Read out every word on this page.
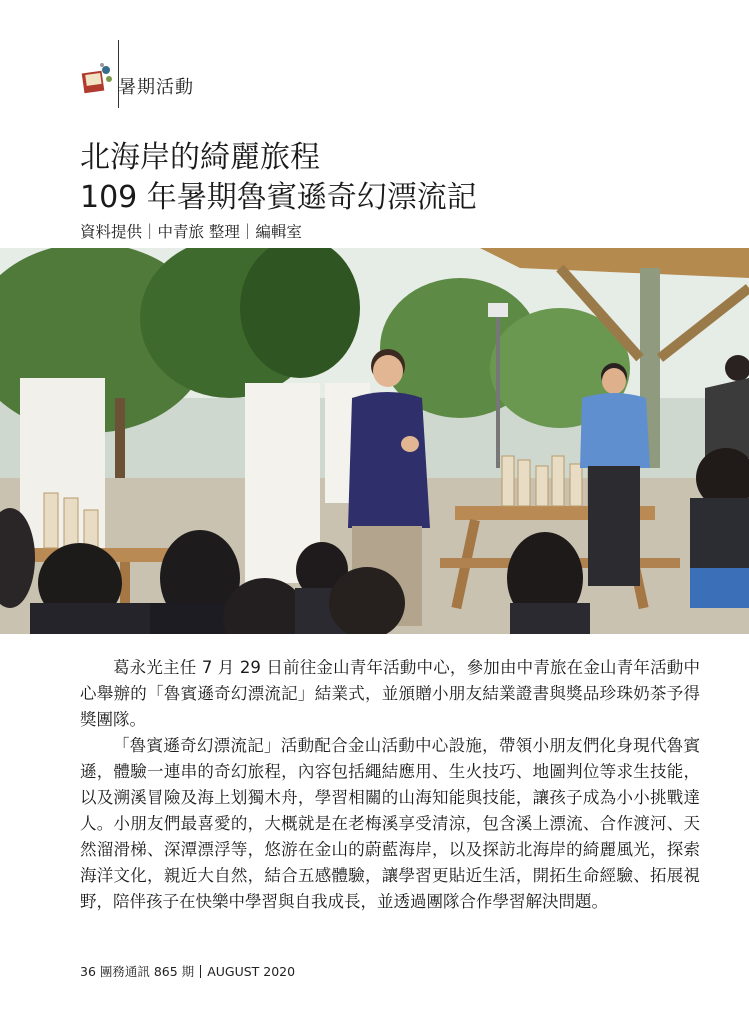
暑期活動
北海岸的綺麗旅程
109 年暑期魯賓遜奇幻漂流記
資料提供｜中青旅 整理｜編輯室

葛永光主任 7 月 29 日前往金山青年活動中心，參加由中青旅在金山青年活動中心舉辦的「魯賓遜奇幻漂流記」結業式，並頒贈小朋友結業證書與獎品珍珠奶茶予得獎團隊。

「魯賓遜奇幻漂流記」活動配合金山活動中心設施，帶領小朋友們化身現代魯賓遜，體驗一連串的奇幻旅程，內容包括繩結應用、生火技巧、地圖判位等求生技能，以及溯溪冒險及海上划獨木舟，學習相關的山海知能與技能，讓孩子成為小小挑戰達人。小朋友們最喜愛的，大概就是在老梅溪享受清涼，包含溪上漂流、合作渡河、天然溜滑梯、深潭漂浮等，悠游在金山的蔚藍海岸，以及探訪北海岸的綺麗風光，探索海洋文化，親近大自然，結合五感體驗，讓學習更貼近生活，開拓生命經驗、拓展視野，陪伴孩子在快樂中學習與自我成長，並透過團隊合作學習解決問題。

36 團務通訊 865 期 AUGUST 2020
